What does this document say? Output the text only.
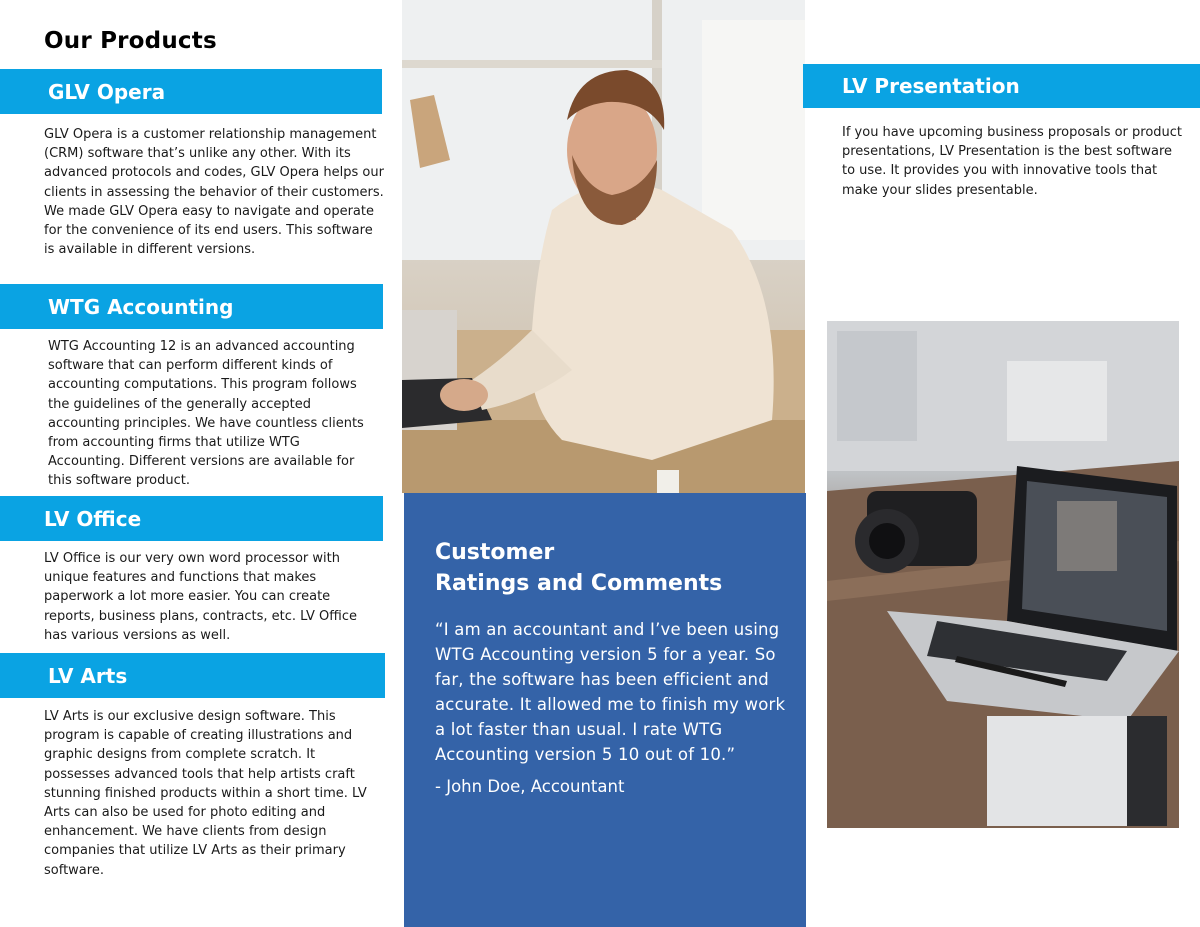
Our Products
GLV Opera
GLV Opera is a customer relationship management (CRM) software that’s unlike any other. With its advanced protocols and codes, GLV Opera helps our clients in assessing the behavior of their customers. We made GLV Opera easy to navigate and operate for the convenience of its end users. This software is available in different versions.
WTG Accounting
WTG Accounting 12 is an advanced accounting software that can perform different kinds of accounting computations. This program follows the guidelines of the generally accepted accounting principles. We have countless clients from accounting firms that utilize WTG Accounting. Different versions are available for this software product.
LV Office
LV Office is our very own word processor with unique features and functions that makes paperwork a lot more easier. You can create reports, business plans, contracts, etc. LV Office has various versions as well.
LV Arts
LV Arts is our exclusive design software. This program is capable of creating illustrations and graphic designs from complete scratch. It possesses advanced tools that help artists craft stunning finished products within a short time. LV Arts can also be used for photo editing and enhancement. We have clients from design companies that utilize LV Arts as their primary software.
Customer
Ratings and Comments
“I am an accountant and I’ve been using WTG Accounting version 5 for a year. So far, the software has been efficient and accurate. It allowed me to finish my work a lot faster than usual. I rate WTG Accounting version 5 10 out of 10.”
- John Doe, Accountant
LV Presentation
If you have upcoming business proposals or product presentations, LV Presentation is the best software to use. It provides you with innovative tools that make your slides presentable.
